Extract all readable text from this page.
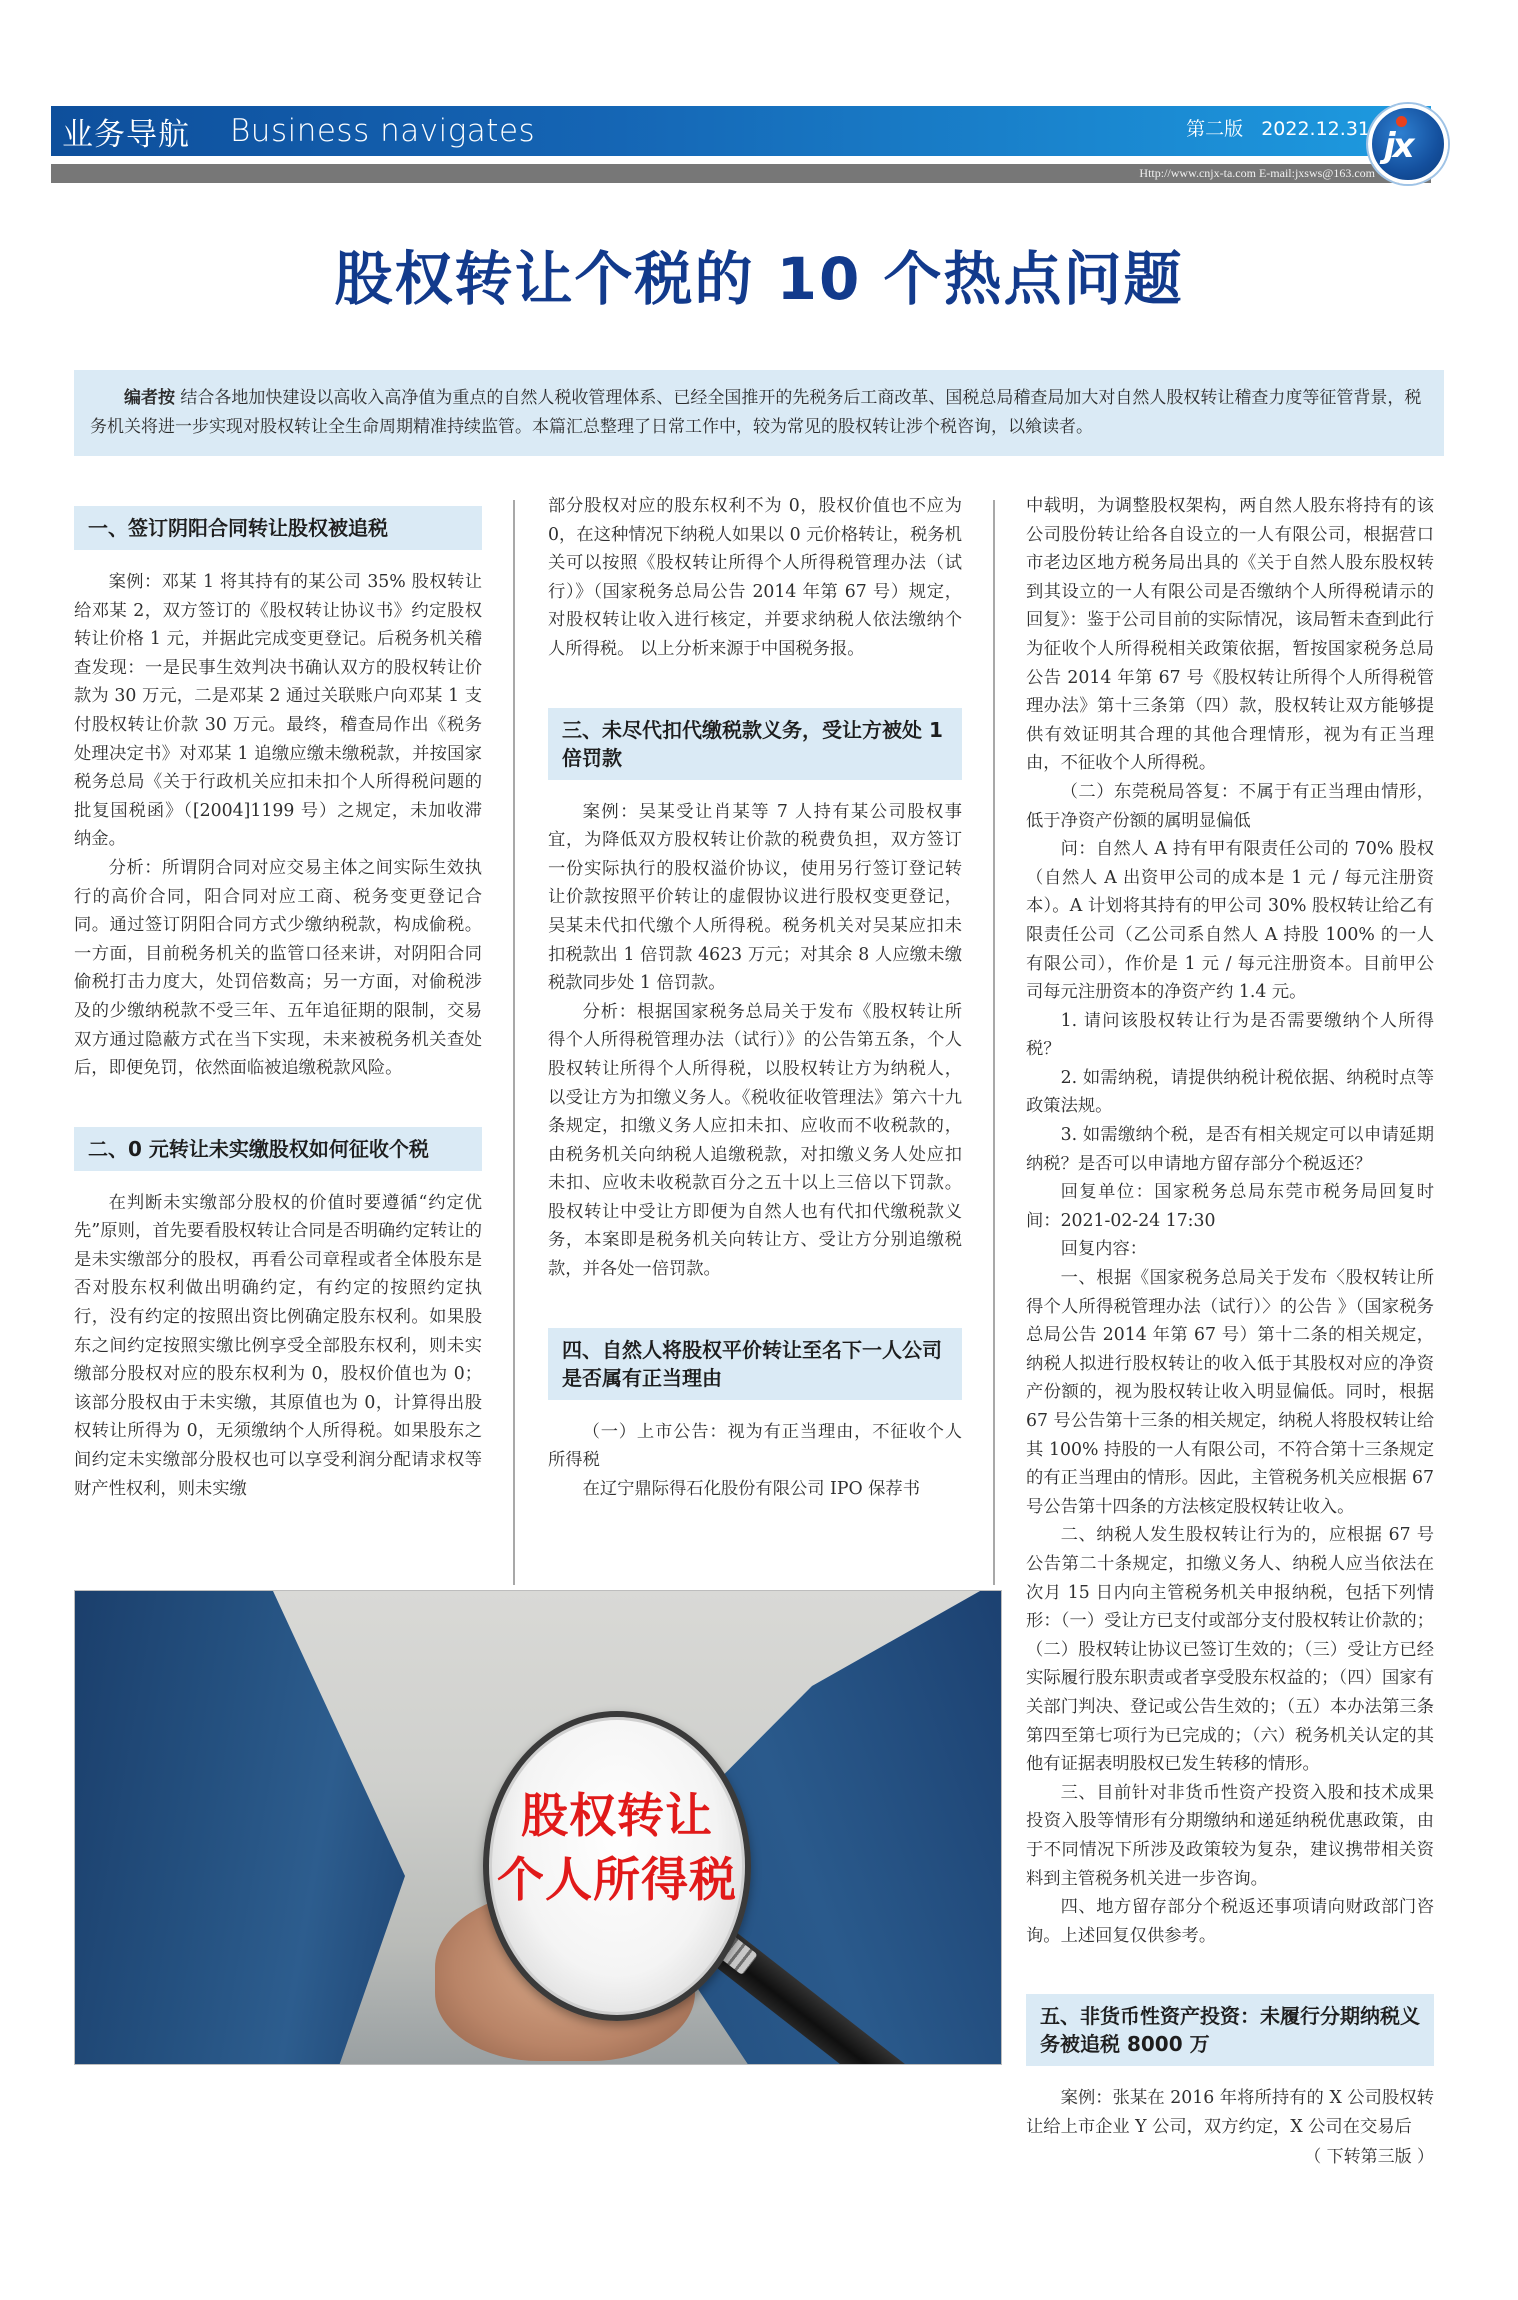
业务导航 Business navigates	第二版 2022.12.31
Http://www.cnjx-ta.com E-mail:jxsws@163.com
jx
股权转让个税的 10 个热点问题
编者按 结合各地加快建设以高收入高净值为重点的自然人税收管理体系、已经全国推开的先税务后工商改革、国税总局稽查局加大对自然人股权转让稽查力度等征管背景，税务机关将进一步实现对股权转让全生命周期精准持续监管。本篇汇总整理了日常工作中，较为常见的股权转让涉个税咨询，以飨读者。
一、签订阴阳合同转让股权被追税

案例：邓某 1 将其持有的某公司 35% 股权转让给邓某 2，双方签订的《股权转让协议书》约定股权转让价格 1 元，并据此完成变更登记。后税务机关稽查发现：一是民事生效判决书确认双方的股权转让价款为 30 万元，二是邓某 2 通过关联账户向邓某 1 支付股权转让价款 30 万元。最终，稽查局作出《税务处理决定书》对邓某 1 追缴应缴未缴税款，并按国家税务总局《关于行政机关应扣未扣个人所得税问题的批复国税函》（[2004]1199 号）之规定，未加收滞纳金。

分析：所谓阴合同对应交易主体之间实际生效执行的高价合同，阳合同对应工商、税务变更登记合同。通过签订阴阳合同方式少缴纳税款，构成偷税。一方面，目前税务机关的监管口径来讲，对阴阳合同偷税打击力度大，处罚倍数高；另一方面，对偷税涉及的少缴纳税款不受三年、五年追征期的限制，交易双方通过隐蔽方式在当下实现，未来被税务机关查处后，即便免罚，依然面临被追缴税款风险。

二、0 元转让未实缴股权如何征收个税

在判断未实缴部分股权的价值时要遵循“约定优先”原则，首先要看股权转让合同是否明确约定转让的是未实缴部分的股权，再看公司章程或者全体股东是否对股东权利做出明确约定，有约定的按照约定执行，没有约定的按照出资比例确定股东权利。如果股东之间约定按照实缴比例享受全部股东权利，则未实缴部分股权对应的股东权利为 0，股权价值也为 0；该部分股权由于未实缴，其原值也为 0，计算得出股权转让所得为 0，无须缴纳个人所得税。如果股东之间约定未实缴部分股权也可以享受利润分配请求权等财产性权利，则未实缴

部分股权对应的股东权利不为 0，股权价值也不应为 0，在这种情况下纳税人如果以 0 元价格转让，税务机关可以按照《股权转让所得个人所得税管理办法（试行）》（国家税务总局公告 2014 年第 67 号）规定，对股权转让收入进行核定，并要求纳税人依法缴纳个人所得税。 以上分析来源于中国税务报。

三、未尽代扣代缴税款义务，受让方被处 1 倍罚款

案例：吴某受让肖某等 7 人持有某公司股权事宜，为降低双方股权转让价款的税费负担，双方签订一份实际执行的股权溢价协议，使用另行签订登记转让价款按照平价转让的虚假协议进行股权变更登记，吴某未代扣代缴个人所得税。税务机关对吴某应扣未扣税款出 1 倍罚款 4623 万元；对其余 8 人应缴未缴税款同步处 1 倍罚款。

分析：根据国家税务总局关于发布《股权转让所得个人所得税管理办法（试行）》的公告第五条，个人股权转让所得个人所得税，以股权转让方为纳税人，以受让方为扣缴义务人。《税收征收管理法》第六十九条规定，扣缴义务人应扣未扣、应收而不收税款的，由税务机关向纳税人追缴税款，对扣缴义务人处应扣未扣、应收未收税款百分之五十以上三倍以下罚款。股权转让中受让方即便为自然人也有代扣代缴税款义务，本案即是税务机关向转让方、受让方分别追缴税款，并各处一倍罚款。

四、自然人将股权平价转让至名下一人公司是否属有正当理由

（一）上市公告：视为有正当理由，不征收个人所得税

在辽宁鼎际得石化股份有限公司 IPO 保荐书

中载明，为调整股权架构，两自然人股东将持有的该公司股份转让给各自设立的一人有限公司，根据营口市老边区地方税务局出具的《关于自然人股东股权转到其设立的一人有限公司是否缴纳个人所得税请示的回复》：鉴于公司目前的实际情况，该局暂未查到此行为征收个人所得税相关政策依据，暂按国家税务总局公告 2014 年第 67 号《股权转让所得个人所得税管理办法》第十三条第（四）款，股权转让双方能够提供有效证明其合理的其他合理情形，视为有正当理由，不征收个人所得税。

（二）东莞税局答复：不属于有正当理由情形，低于净资产份额的属明显偏低

问：自然人 A 持有甲有限责任公司的 70% 股权（自然人 A 出资甲公司的成本是 1 元 / 每元注册资本）。A 计划将其持有的甲公司 30% 股权转让给乙有限责任公司（乙公司系自然人 A 持股 100% 的一人有限公司），作价是 1 元 / 每元注册资本。目前甲公司每元注册资本的净资产约 1.4 元。

1. 请问该股权转让行为是否需要缴纳个人所得税？

2. 如需纳税，请提供纳税计税依据、纳税时点等政策法规。

3. 如需缴纳个税，是否有相关规定可以申请延期纳税？是否可以申请地方留存部分个税返还？

回复单位：国家税务总局东莞市税务局回复时间：2021-02-24 17:30

回复内容：

一、根据《国家税务总局关于发布〈股权转让所得个人所得税管理办法（试行）〉的公告 》（国家税务总局公告 2014 年第 67 号）第十二条的相关规定，纳税人拟进行股权转让的收入低于其股权对应的净资产份额的，视为股权转让收入明显偏低。同时，根据 67 号公告第十三条的相关规定，纳税人将股权转让给其 100% 持股的一人有限公司，不符合第十三条规定的有正当理由的情形。因此，主管税务机关应根据 67 号公告第十四条的方法核定股权转让收入。

二、纳税人发生股权转让行为的，应根据 67 号公告第二十条规定，扣缴义务人、纳税人应当依法在次月 15 日内向主管税务机关申报纳税，包括下列情形：（一）受让方已支付或部分支付股权转让价款的；（二）股权转让协议已签订生效的；（三）受让方已经实际履行股东职责或者享受股东权益的；（四）国家有关部门判决、登记或公告生效的；（五）本办法第三条第四至第七项行为已完成的；（六）税务机关认定的其他有证据表明股权已发生转移的情形。

三、目前针对非货币性资产投资入股和技术成果投资入股等情形有分期缴纳和递延纳税优惠政策，由于不同情况下所涉及政策较为复杂，建议携带相关资料到主管税务机关进一步咨询。

四、地方留存部分个税返还事项请向财政部门咨询。上述回复仅供参考。

五、非货币性资产投资：未履行分期纳税义务被追税 8000 万

案例：张某在 2016 年将所持有的 X 公司股权转让给上市企业 Y 公司，双方约定，X 公司在交易后

（ 下转第三版 ）
股权转让
个人所得税
